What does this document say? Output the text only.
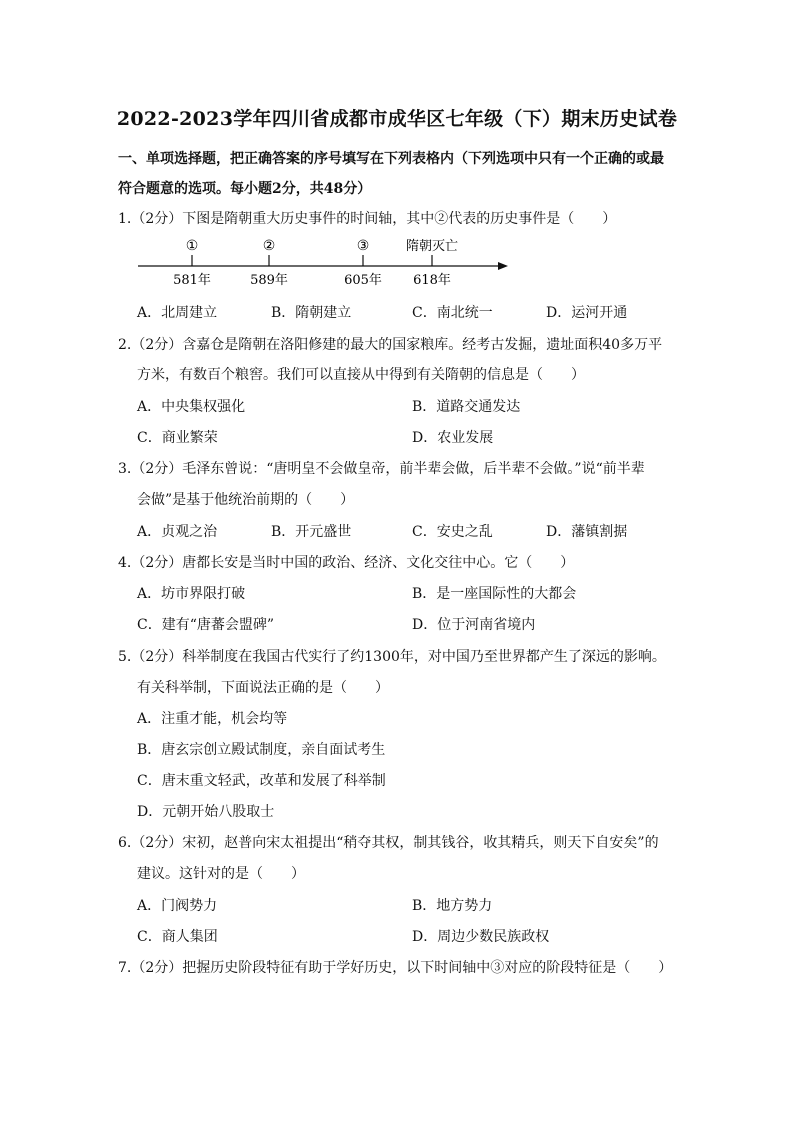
2022-2023学年四川省成都市成华区七年级（下）期末历史试卷
一、单项选择题，把正确答案的序号填写在下列表格内（下列选项中只有一个正确的或最
符合题意的选项。每小题2分，共48分）
1.（2分）下图是隋朝重大历史事件的时间轴，其中②代表的历史事件是（　　）
①
581年
②
589年
③
605年
隋朝灭亡
618年
A．北周建立	B．隋朝建立	C．南北统一	D．运河开通
2.（2分）含嘉仓是隋朝在洛阳修建的最大的国家粮库。经考古发掘，遗址面积40多万平
方米，有数百个粮窖。我们可以直接从中得到有关隋朝的信息是（　　）
A．中央集权强化	B．道路交通发达
C．商业繁荣	D．农业发展
3.（2分）毛泽东曾说：“唐明皇不会做皇帝，前半辈会做，后半辈不会做。”说“前半辈
会做”是基于他统治前期的（　　）
A．贞观之治	B．开元盛世	C．安史之乱	D．藩镇割据
4.（2分）唐都长安是当时中国的政治、经济、文化交往中心。它（　　）
A．坊市界限打破	B．是一座国际性的大都会
C．建有“唐蕃会盟碑”	D．位于河南省境内
5.（2分）科举制度在我国古代实行了约1300年，对中国乃至世界都产生了深远的影响。
有关科举制，下面说法正确的是（　　）
A．注重才能，机会均等
B．唐玄宗创立殿试制度，亲自面试考生
C．唐末重文轻武，改革和发展了科举制
D．元朝开始八股取士
6.（2分）宋初，赵普向宋太祖提出“稍夺其权，制其钱谷，收其精兵，则天下自安矣”的
建议。这针对的是（　　）
A．门阀势力	B．地方势力
C．商人集团	D．周边少数民族政权
7.（2分）把握历史阶段特征有助于学好历史，以下时间轴中③对应的阶段特征是（　　）
